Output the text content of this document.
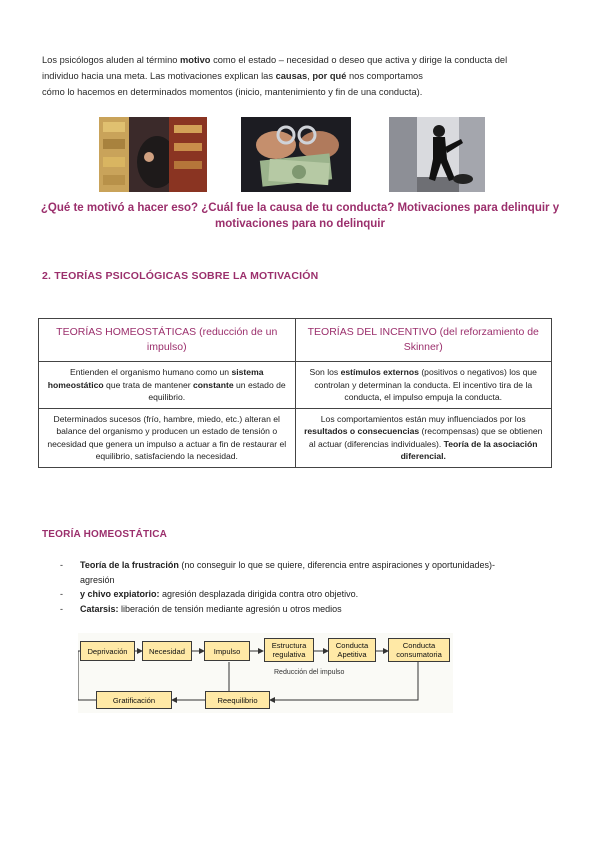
Los psicólogos aluden al término motivo como el estado – necesidad o deseo que activa y dirige la conducta del
individuo hacia una meta. Las motivaciones explican las causas, por qué nos comportamos
cómo lo hacemos en determinados momentos (inicio, mantenimiento y fin de una conducta).
¿Qué te motivó a hacer eso? ¿Cuál fue la causa de tu conducta? Motivaciones para delinquir y motivaciones para no delinquir
2. TEORÍAS PSICOLÓGICAS SOBRE LA MOTIVACIÓN
TEORÍAS HOMEOSTÁTICAS (reducción de un impulso)	TEORÍAS DEL INCENTIVO (del reforzamiento de Skinner)
Entienden el organismo humano como un sistema homeostático que trata de mantener constante un estado de equilibrio.	Son los estímulos externos (positivos o negativos) los que controlan y determinan la conducta. El incentivo tira de la conducta, el impulso empuja la conducta.
Determinados sucesos (frío, hambre, miedo, etc.) alteran el balance del organismo y producen un estado de tensión o necesidad que genera un impulso a actuar a fin de restaurar el equilibrio, satisfaciendo la necesidad.	Los comportamientos están muy influenciados por los resultados o consecuencias (recompensas) que se obtienen al actuar (diferencias individuales). Teoría de la asociación diferencial.
TEORÍA HOMEOSTÁTICA
- Teoría de la frustración (no conseguir lo que se quiere, diferencia entre aspiraciones y oportunidades)-
agresión
- y chivo expiatorio: agresión desplazada dirigida contra otro objetivo.
- Catarsis: liberación de tensión mediante agresión u otros medios
Deprivación	Necesidad	Impulso
Estructura regulativa
Conducta Apetitiva
Conducta consumatoria
Reducción del impulso
Gratificación	Reequilibrio
